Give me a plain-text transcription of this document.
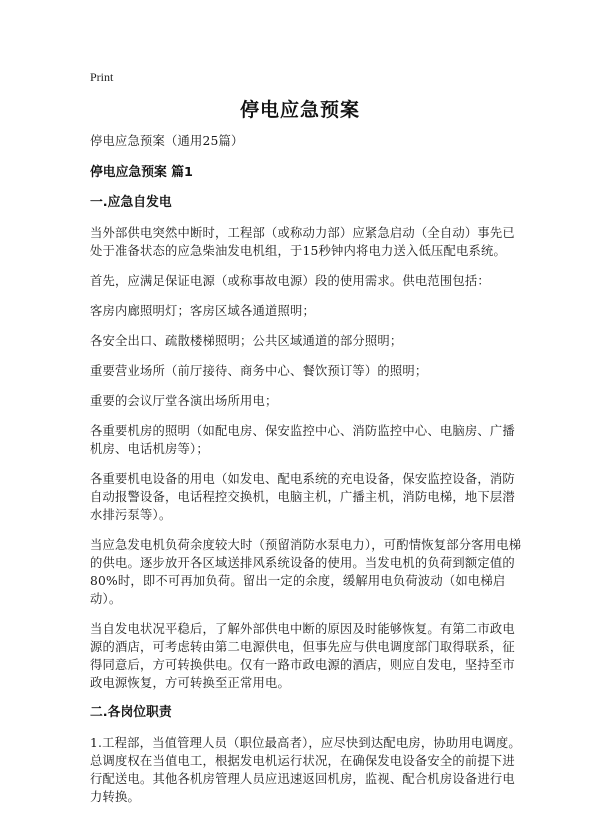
Print
停电应急预案

停电应急预案（通用25篇）

停电应急预案 篇1
一.应急自发电

当外部供电突然中断时，工程部（或称动力部）应紧急启动（全自动）事先已处于准备状态的应急柴油发电机组，于15秒钟内将电力送入低压配电系统。

首先，应满足保证电源（或称事故电源）段的使用需求。供电范围包括：

客房内廊照明灯；客房区域各通道照明；

各安全出口、疏散楼梯照明；公共区域通道的部分照明；

重要营业场所（前厅接待、商务中心、餐饮预订等）的照明；

重要的会议厅堂各演出场所用电；

各重要机房的照明（如配电房、保安监控中心、消防监控中心、电脑房、广播机房、电话机房等）；

各重要机电设备的用电（如发电、配电系统的充电设备，保安监控设备，消防自动报警设备，电话程控交换机，电脑主机，广播主机，消防电梯，地下层潜水排污泵等）。

当应急发电机负荷余度较大时（预留消防水泵电力），可酌情恢复部分客用电梯的供电。逐步放开各区域送排风系统设备的使用。当发电机的负荷到额定值的80%时，即不可再加负荷。留出一定的余度，缓解用电负荷波动（如电梯启动）。

当自发电状况平稳后，了解外部供电中断的原因及时能够恢复。有第二市政电源的酒店，可考虑转由第二电源供电，但事先应与供电调度部门取得联系，征得同意后，方可转换供电。仅有一路市政电源的酒店，则应自发电，坚持至市政电源恢复，方可转换至正常用电。

二.各岗位职责

1.工程部，当值管理人员（职位最高者），应尽快到达配电房，协助用电调度。总调度权在当值电工，根据发电机运行状况，在确保发电设备安全的前提下进行配送电。其他各机房管理人员应迅速返回机房，监视、配合机房设备进行电力转换。
